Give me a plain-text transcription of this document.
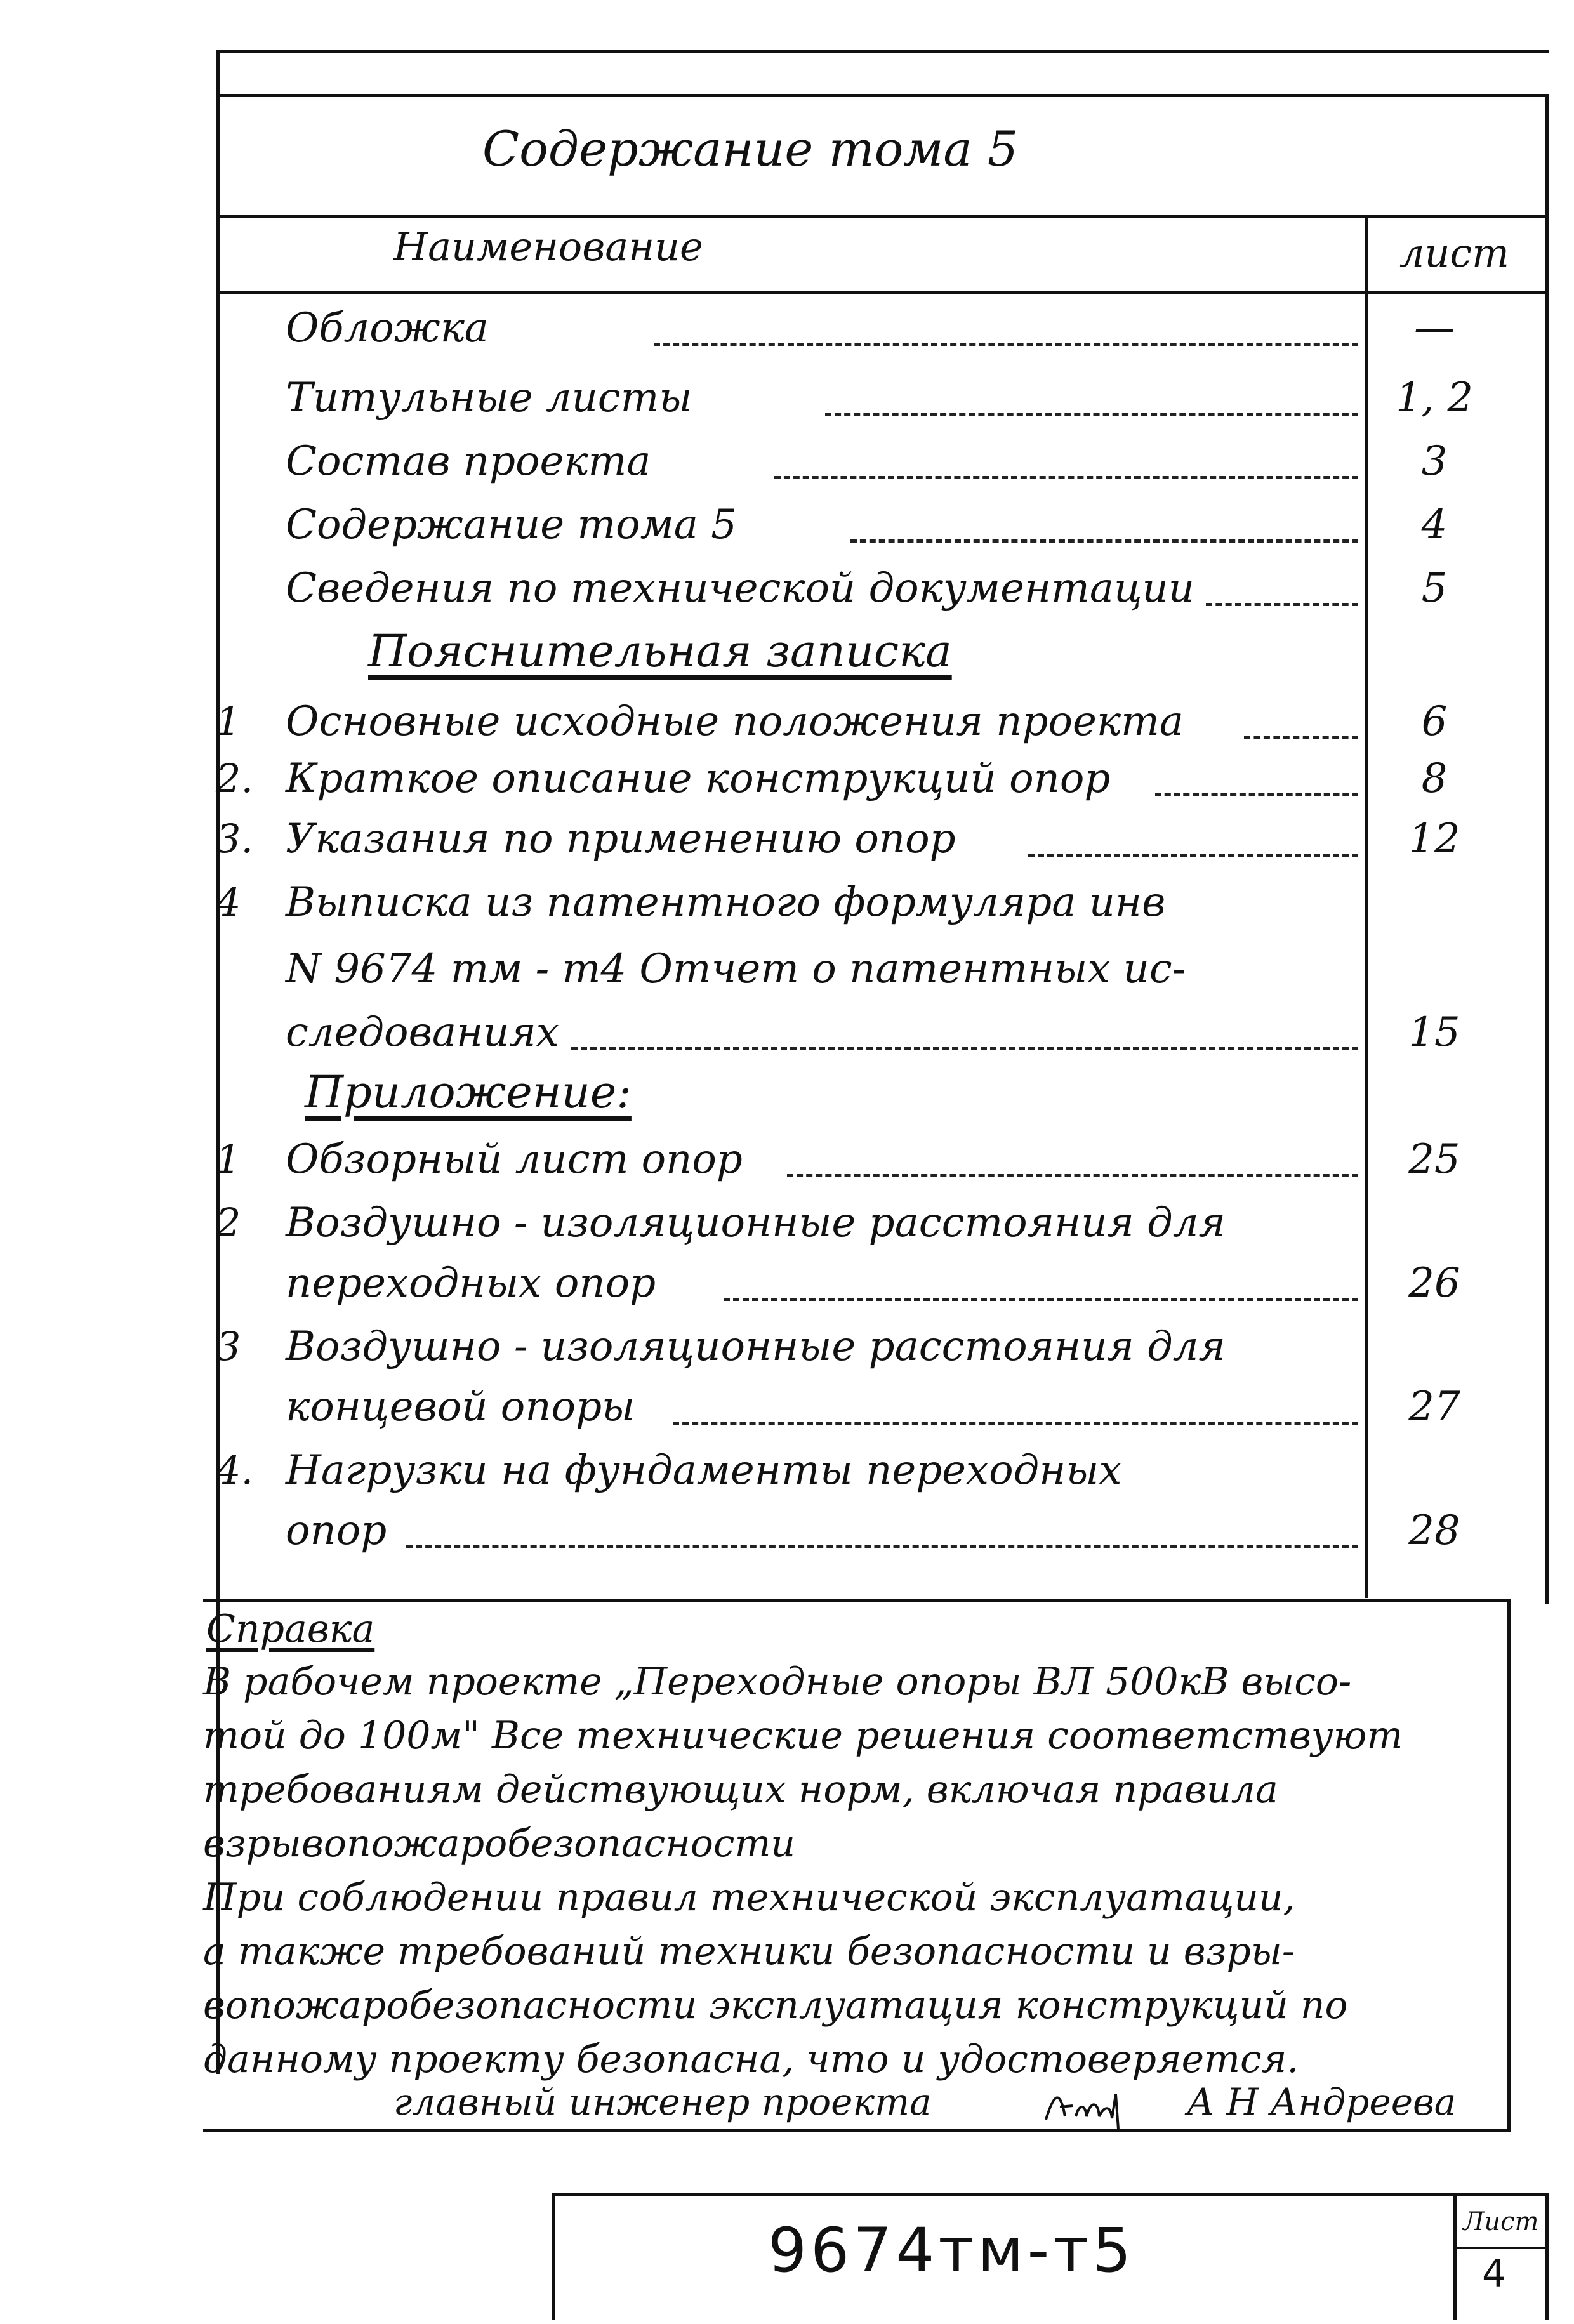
Содержание тома 5
Наименование	лист
Обложка	—
Титульные листы	1, 2
Состав проекта	3
Содержание тома 5	4
Сведения по технической документации	5
Пояснительная записка
1	Основные исходные положения проекта	6
2. Краткое описание конструкций опор	8
3. Указания по применению опор	12
4	Выписка из патентного формуляра инв
N 9674 тм - т4 Отчет о патентных ис-
следованиях	15
Приложение:
1	Обзорный лист опор	25
2	Воздушно - изоляционные расстояния для
переходных опор	26
3	Воздушно - изоляционные расстояния для
концевой опоры	27
4. Нагрузки на фундаменты переходных
опор	28
Справка
В рабочем проекте „Переходные опоры ВЛ 500кВ высо-
той до 100м" Все технические решения соответствуют
требованиям действующих норм, включая правила
взрывопожаробезопасности
При соблюдении правил технической эксплуатации,
а также требований техники безопасности и взры-
вопожаробезопасности эксплуатация конструкций по
данному проекту безопасна, что и удостоверяется.
главный инженер проекта	А Н Андреева
9674тм-т5	Лист
4
